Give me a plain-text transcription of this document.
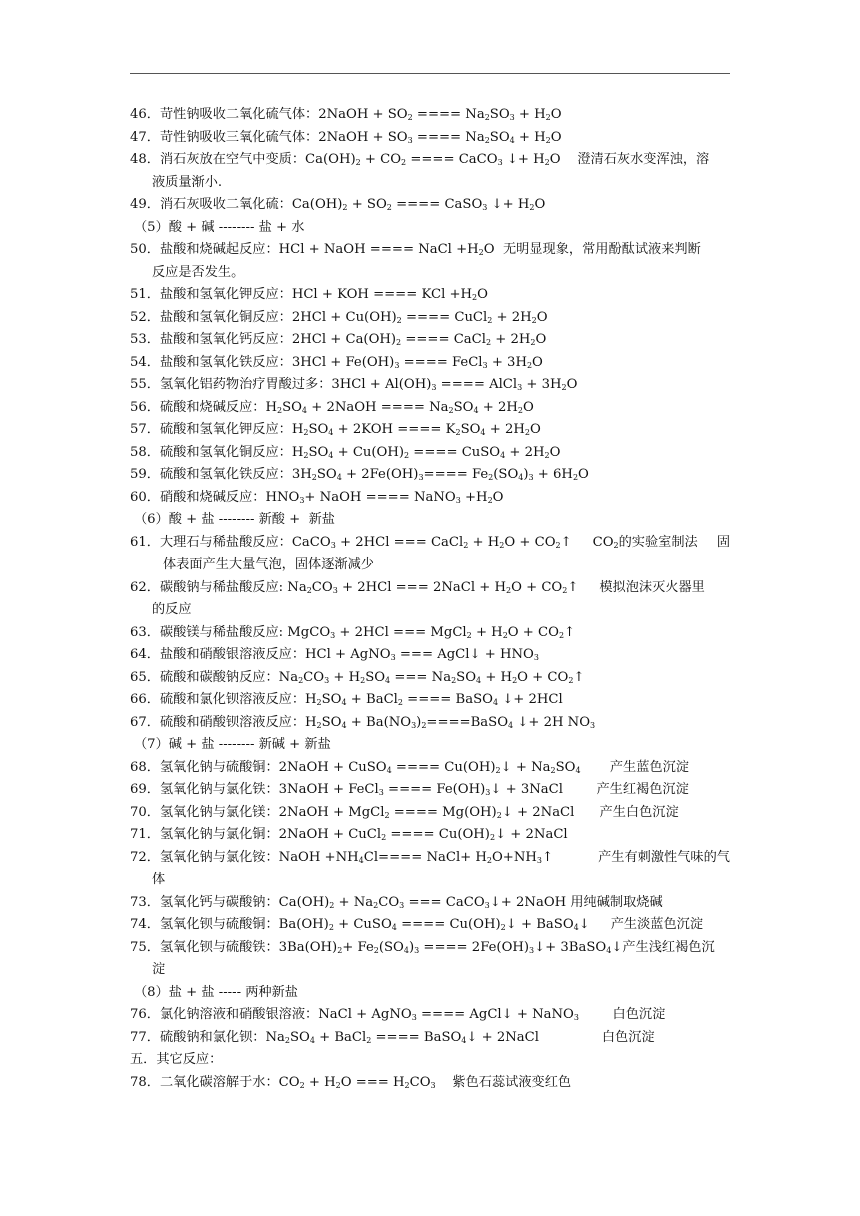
46．苛性钠吸收二氧化硫气体：2NaOH + $SO_2$ ==== $Na_2SO_3 + H_2O$
47．苛性钠吸收三氧化硫气体：2NaOH + $SO_3$ ==== $Na_2SO_4 + H_2O$
48．消石灰放在空气中变质：$Ca(OH)_2 + CO_2$ ==== CaCO$_3$ ↓+ $H_2O$    澄清石灰水变浑浊，溶
液质量渐小.
49．消石灰吸收二氧化硫：$Ca(OH)_2 + SO_2$ ==== CaSO$_3$ ↓+ $H_2O$
（5）酸 + 碱 -------- 盐 + 水
50．盐酸和烧碱起反应：HCl + NaOH ==== NaCl $+H_2O$  无明显现象，常用酚酞试液来判断
反应是否发生。
51．盐酸和氢氧化钾反应：HCl + KOH ==== KCl $+H_2O$
52．盐酸和氢氧化铜反应：$2HCl + Cu(OH)_2$ ==== CuCl$_2$ + $2H_2O$
53．盐酸和氢氧化钙反应：$2HCl + Ca(OH)_2$ ==== CaCl$_2$ + $2H_2O$
54．盐酸和氢氧化铁反应：$3HCl + Fe(OH)_3$ ==== FeCl$_3$ + $3H_2O$
55．氢氧化铝药物治疗胃酸过多：$3HCl + Al(OH)_3$ ==== AlCl$_3$ + $3H_2O$
56．硫酸和烧碱反应：$H_2SO_4$ + 2NaOH ==== $Na_2SO_4 + 2H_2O$
57．硫酸和氢氧化钾反应：$H_2SO_4 + 2KOH$ ==== $K_2SO_4 + 2H_2O$
58．硫酸和氢氧化铜反应：$H_2SO_4 + Cu(OH)_2$ ==== CuSO$_4$ + $2H_2O$
59．硫酸和氢氧化铁反应：$3H_2SO_4 + 2Fe(OH)_3==== Fe_2(SO_4)_3 + 6H_2O$
60．硝酸和烧碱反应：$HNO_3+$ NaOH ==== NaNO$_3$ $+H_2O$
（6）酸 + 盐 -------- 新酸 +  新盐
61．大理石与稀盐酸反应：CaCO$_3$ + 2HCl === CaCl$_2$ + $H_2O$ + $CO_2↑$     $CO_2$的实验室制法 固
体表面产生大量气泡，固体逐渐减少
62．碳酸钠与稀盐酸反应: $Na_2CO_3 + 2HCl$ === 2NaCl + $H_2O$ + $CO_2↑$     模拟泡沫灭火器里
的反应
63．碳酸镁与稀盐酸反应: MgCO$_3$ + 2HCl === MgCl$_2$ + $H_2O$ + $CO_2↑$
64．盐酸和硝酸银溶液反应：HCl + AgNO$_3$ === AgCl↓ + $HNO_3$
65．硫酸和碳酸钠反应：$Na_2CO_3 + H_2SO_4$ === $Na_2SO_4 + H_2O$ + $CO_2↑$
66．硫酸和氯化钡溶液反应：$H_2SO_4$ + BaCl$_2$ ==== BaSO$_4$ ↓+ 2HCl
67．硫酸和硝酸钡溶液反应：$H_2SO_4$ + $Ba(NO_3)_2====BaSO_4$ ↓+ 2H $NO_3$
（7）碱 + 盐 -------- 新碱 + 新盐
68．氢氧化钠与硫酸铜：2NaOH + CuSO$_4$ ==== $Cu(OH)_2↓ + Na_2SO_4$       产生蓝色沉淀
69．氢氧化钠与氯化铁：3NaOH + FeCl$_3$ ==== $Fe(OH)_3↓$ + 3NaCl        产生红褐色沉淀
70．氢氧化钠与氯化镁：2NaOH + MgCl$_2$ ==== $Mg(OH)_2↓$ + 2NaCl      产生白色沉淀
71．氢氧化钠与氯化铜：2NaOH + CuCl$_2$ ==== $Cu(OH)_2↓$ + 2NaCl
72．氢氧化钠与氯化铵：NaOH $+NH_4Cl====$ NaCl+ $H_2O+NH_3↑$	产生有刺激性气味的气
体
73．氢氧化钙与碳酸钠：$Ca(OH)_2 + Na_2CO_3$ === CaCO$_3$↓+ 2NaOH 用纯碱制取烧碱
74．氢氧化钡与硫酸铜：$Ba(OH)_2$ + CuSO$_4$ ==== $Cu(OH)_2↓$ + BaSO$_4$↓     产生淡蓝色沉淀
75．氢氧化钡与硫酸铁：$3Ba(OH)_2+ Fe_2(SO_4)_3$ ==== $2Fe(OH)_3↓+$ 3BaSO$_4$↓产生浅红褐色沉
淀
（8）盐 + 盐 ----- 两种新盐
76．氯化钠溶液和硝酸银溶液：NaCl + AgNO$_3$ ==== AgCl↓ + NaNO$_3$        白色沉淀
77．硫酸钠和氯化钡：$Na_2SO_4$ + BaCl$_2$ ==== BaSO$_4$↓ + 2NaCl               白色沉淀
五．其它反应：
78．二氧化碳溶解于水：$CO_2 + H_2O$ === $H_2CO_3$    紫色石蕊试液变红色
